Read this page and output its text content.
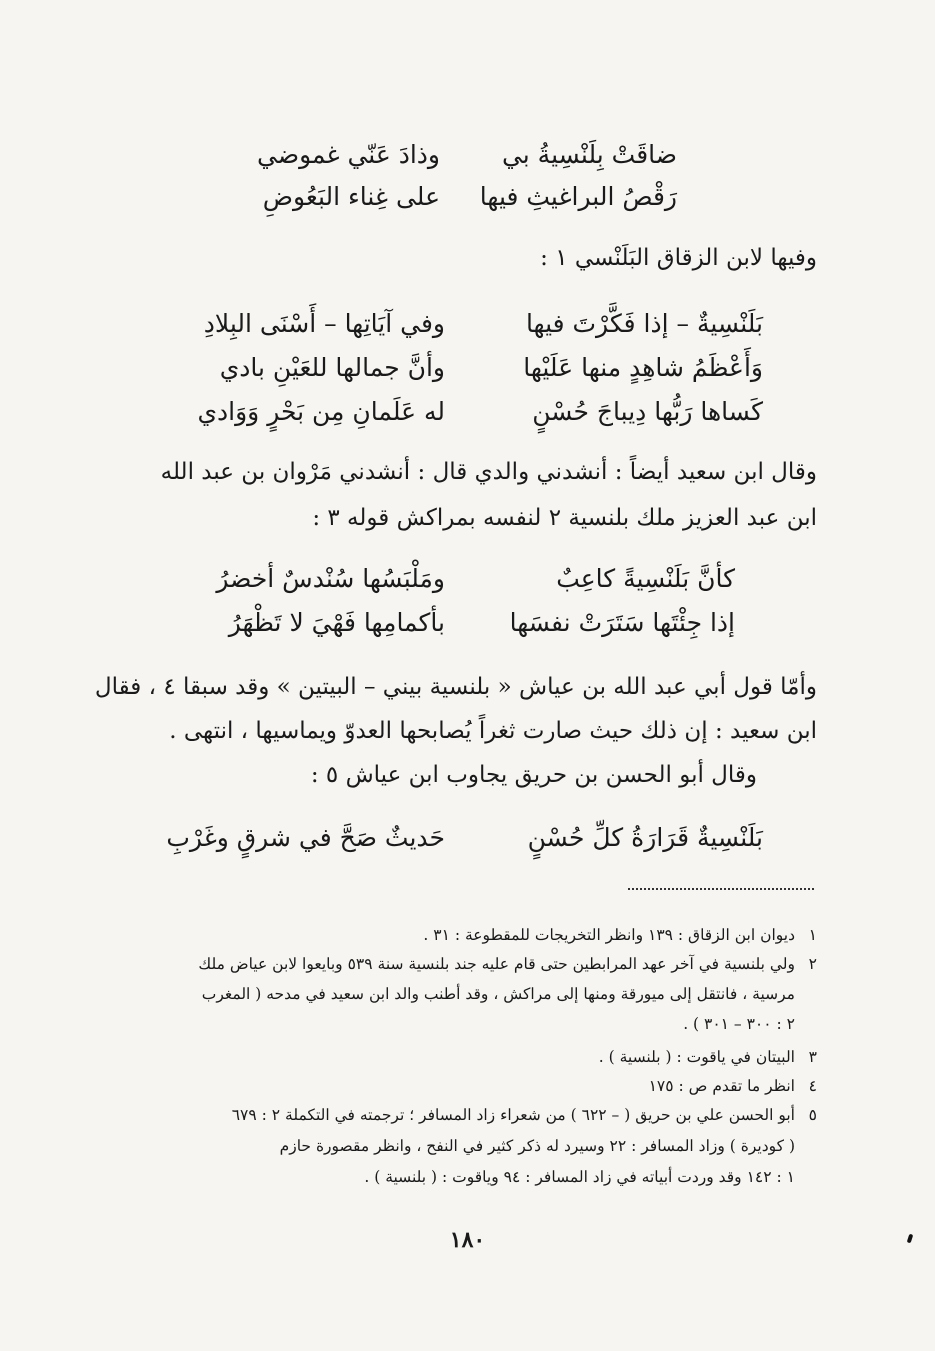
ضاقَتْ بِلَنْسِيةُ بي
وذادَ عَنّي غموضي
رَقْصُ البراغيثِ فيها
على غِناء البَعُوضِ
وفيها لابن الزقاق البَلَنْسي ١ :
بَلَنْسِيةٌ – إذا فَكَّرْتَ فيها
وفي آيَاتِها – أَسْنَى البِلادِ
وَأَعْظَمُ شاهِدٍ منها عَلَيْها
وأنَّ جمالها للعَيْنِ بادي
كَساها رَبُّها دِيباجَ حُسْنٍ
له عَلَمانِ مِن بَحْرٍ وَوَادي
وقال ابن سعيد أيضاً : أنشدني والدي قال : أنشدني مَرْوان بن عبد الله
ابن عبد العزيز ملك بلنسية ٢ لنفسه بمراكش قوله ٣ :
كأنَّ بَلَنْسِيةً كاعِبٌ
ومَلْبَسُها سُنْدسٌ أخضرُ
إذا جِئْتَها سَتَرَتْ نفسَها
بأكمامِها فَهْيَ لا تَظْهَرُ
وأمّا قول أبي عبد الله بن عياش « بلنسية بيني – البيتين » وقد سبقا ٤ ، فقال
ابن سعيد : إن ذلك حيث صارت ثغراً يُصابحها العدوّ ويماسيها ، انتهى .
وقال أبو الحسن بن حريق يجاوب ابن عياش ٥ :
بَلَنْسِيةٌ قَرَارَةُ كلِّ حُسْنٍ
حَديثٌ صَحَّ في شرقٍ وغَرْبِ
١ديوان ابن الزقاق : ١٣٩ وانظر التخريجات للمقطوعة : ٣١ .
٢ولي بلنسية في آخر عهد المرابطين حتى قام عليه جند بلنسية سنة ٥٣٩ وبايعوا لابن عياض ملك
مرسية ، فانتقل إلى ميورقة ومنها إلى مراكش ، وقد أطنب والد ابن سعيد في مدحه ( المغرب
٢ : ٣٠٠ – ٣٠١ ) .
٣البيتان في ياقوت : ( بلنسية ) .
٤انظر ما تقدم ص : ١٧٥
٥أبو الحسن علي بن حريق ( – ٦٢٢ ) من شعراء زاد المسافر ؛ ترجمته في التكملة ٢ : ٦٧٩
( كوديرة ) وزاد المسافر : ٢٢ وسيرد له ذكر كثير في النفح ، وانظر مقصورة حازم
١ : ١٤٢ وقد وردت أبياته في زاد المسافر : ٩٤ وياقوت : ( بلنسية ) .
١٨٠
